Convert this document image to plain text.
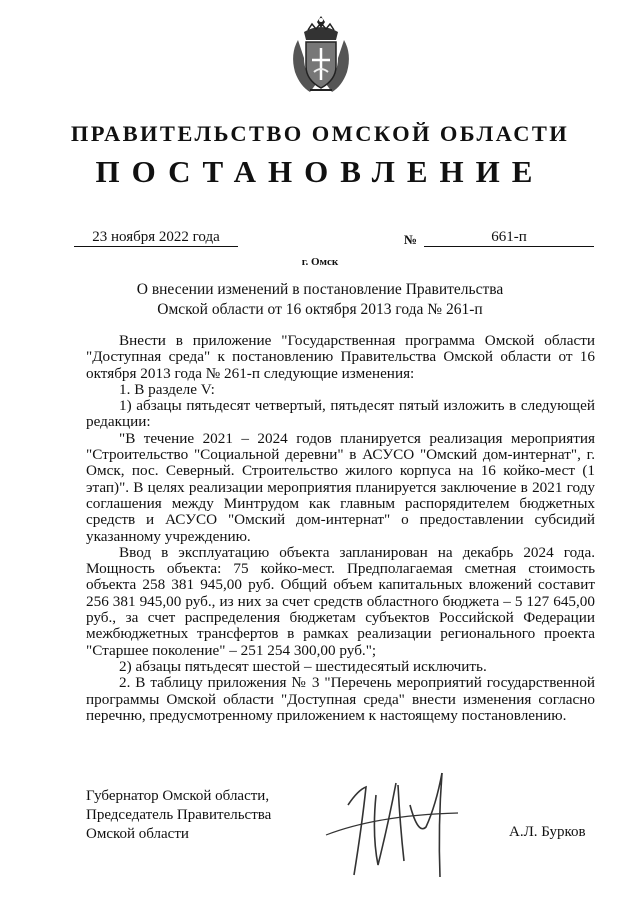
ПРАВИТЕЛЬСТВО ОМСКОЙ ОБЛАСТИ
ПОСТАНОВЛЕНИЕ
23 ноября 2022 года	№	661-п
г. Омск
О внесении изменений в постановление Правительства
Омской области от 16 октября 2013 года № 261-п

Внести в приложение "Государственная программа Омской области "Доступная среда" к постановлению Правительства Омской области от 16 октября 2013 года № 261-п следующие изменения:

1. В разделе V:

1) абзацы пятьдесят четвертый, пятьдесят пятый изложить в следующей редакции:

"В течение 2021 – 2024 годов планируется реализация мероприятия "Строительство "Социальной деревни" в АСУСО "Омский дом-интернат", г. Омск, пос. Северный. Строительство жилого корпуса на 16 койко-мест (1 этап)". В целях реализации мероприятия планируется заключение в 2021 году соглашения между Минтрудом как главным распорядителем бюджетных средств и АСУСО "Омский дом-интернат" о предоставлении субсидий указанному учреждению.

Ввод в эксплуатацию объекта запланирован на декабрь 2024 года. Мощность объекта: 75 койко-мест. Предполагаемая сметная стоимость объекта 258 381 945,00 руб. Общий объем капитальных вложений составит 256 381 945,00 руб., из них за счет средств областного бюджета – 5 127 645,00 руб., за счет распределения бюджетам субъектов Российской Федерации межбюджетных трансфертов в рамках реализации регионального проекта "Старшее поколение" – 251 254 300,00 руб.";

2) абзацы пятьдесят шестой – шестидесятый исключить.

2. В таблицу приложения № 3 "Перечень мероприятий государственной программы Омской области "Доступная среда" внести изменения согласно перечню, предусмотренному приложением к настоящему постановлению.

Губернатор Омской области,
Председатель Правительства
Омской области	А.Л. Бурков
